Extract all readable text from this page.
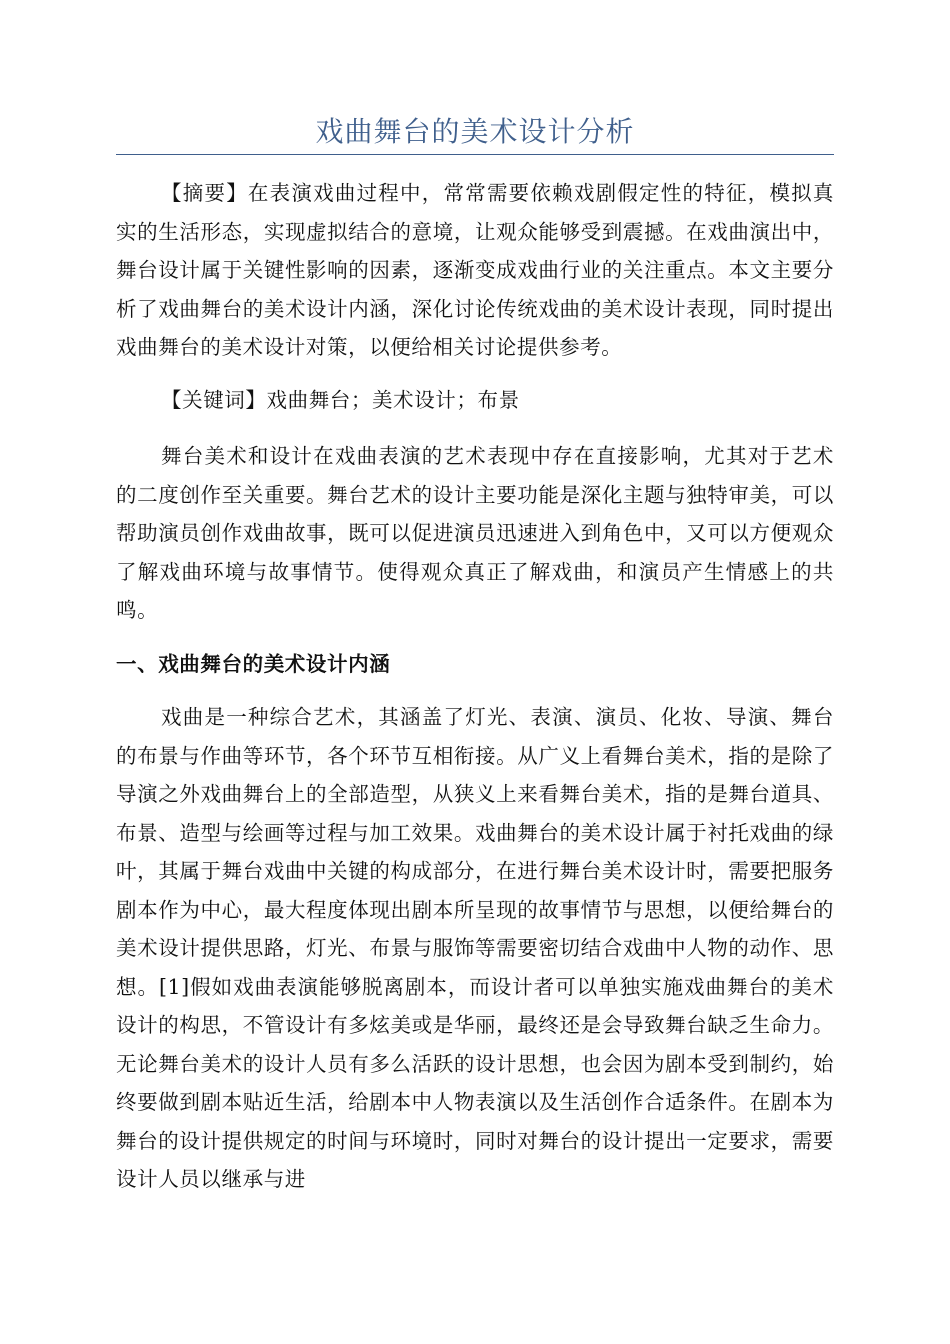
戏曲舞台的美术设计分析

【摘要】在表演戏曲过程中，常常需要依赖戏剧假定性的特征，模拟真实的生活形态，实现虚拟结合的意境，让观众能够受到震撼。在戏曲演出中，舞台设计属于关键性影响的因素，逐渐变成戏曲行业的关注重点。本文主要分析了戏曲舞台的美术设计内涵，深化讨论传统戏曲的美术设计表现，同时提出戏曲舞台的美术设计对策，以便给相关讨论提供参考。

【关键词】戏曲舞台；美术设计；布景

舞台美术和设计在戏曲表演的艺术表现中存在直接影响，尤其对于艺术的二度创作至关重要。舞台艺术的设计主要功能是深化主题与独特审美，可以帮助演员创作戏曲故事，既可以促进演员迅速进入到角色中，又可以方便观众了解戏曲环境与故事情节。使得观众真正了解戏曲，和演员产生情感上的共鸣。

一、戏曲舞台的美术设计内涵

戏曲是一种综合艺术，其涵盖了灯光、表演、演员、化妆、导演、舞台的布景与作曲等环节，各个环节互相衔接。从广义上看舞台美术，指的是除了导演之外戏曲舞台上的全部造型，从狭义上来看舞台美术，指的是舞台道具、布景、造型与绘画等过程与加工效果。戏曲舞台的美术设计属于衬托戏曲的绿叶，其属于舞台戏曲中关键的构成部分，在进行舞台美术设计时，需要把服务剧本作为中心，最大程度体现出剧本所呈现的故事情节与思想，以便给舞台的美术设计提供思路，灯光、布景与服饰等需要密切结合戏曲中人物的动作、思想。[1]假如戏曲表演能够脱离剧本，而设计者可以单独实施戏曲舞台的美术设计的构思，不管设计有多炫美或是华丽，最终还是会导致舞台缺乏生命力。无论舞台美术的设计人员有多么活跃的设计思想，也会因为剧本受到制约，始终要做到剧本贴近生活，给剧本中人物表演以及生活创作合适条件。在剧本为舞台的设计提供规定的时间与环境时，同时对舞台的设计提出一定要求，需要设计人员以继承与进
